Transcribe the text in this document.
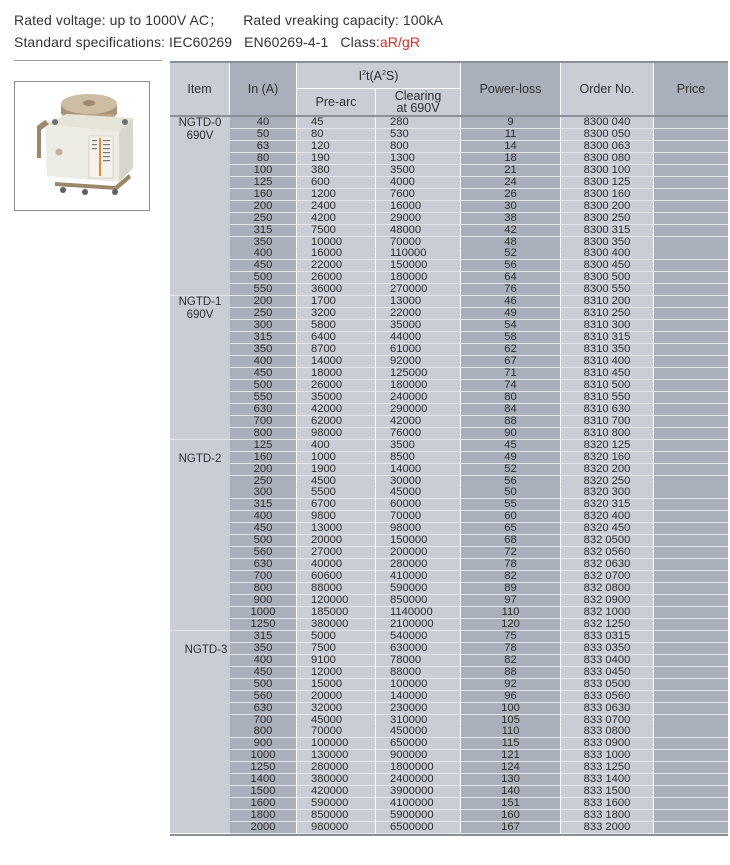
Rated voltage: up to 1000V AC； Rated vreaking capacity: 100kA
Standard specifications: IEC60269   EN60269-4-1   Class:aR/gR
Item	In (A)
$I^2$ $t(A^2$ S)
Pre-arc	Clearing
at 690V
Power-loss	Order No.	Price
NGTD-0
690V
40	45	280	9	8300 040
50	80	530	11	8300 050
63	120	800	14	8300 063
80	190	1300	18	8300 080
100	380	3500	21	8300 100
125	600	4000	24	8300 125
160	1200	7600	26	8300 160
200	2400	16000	30	8300 200
250	4200	29000	38	8300 250
315	7500	48000	42	8300 315
350	10000	70000	48	8300 350
400	16000	110000	52	8300 400
450	22000	150000	56	8300 450
500	26000	180000	64	8300 500
550	36000	270000	76	8300 550
NGTD-1
690V
200	1700	13000	46	8310 200
250	3200	22000	49	8310 250
300	5800	35000	54	8310 300
315	6400	44000	58	8310 315
350	8700	61000	62	8310 350
400	14000	92000	67	8310 400
450	18000	125000	71	8310 450
500	26000	180000	74	8310 500
550	35000	240000	80	8310 550
630	42000	290000	84	8310 630
700	62000	42000	88	8310 700
800	98000	76000	90	8310 800
NGTD-2
125	400	3500	45	8320 125
160	1000	8500	49	8320 160
200	1900	14000	52	8320 200
250	4500	30000	56	8320 250
300	5500	45000	50	8320 300
315	6700	60000	55	8320 315
400	9800	70000	60	8320 400
450	13000	98000	65	8320 450
500	20000	150000	68	832 0500
560	27000	200000	72	832 0560
630	40000	280000	78	832 0630
700	60600	410000	82	832 0700
800	88000	590000	89	832 0800
900	120000	850000	97	832 0900
1000	185000	1140000	110	832 1000
1250	380000	2100000	120	832 1250
NGTD-3
315	5000	540000	75	833 0315
350	7500	630000	78	833 0350
400	9100	78000	82	833 0400
450	12000	88000	88	833 0450
500	15000	100000	92	833 0500
560	20000	140000	96	833 0560
630	32000	230000	100	833 0630
700	45000	310000	105	833 0700
800	70000	450000	110	833 0800
900	100000	650000	115	833 0900
1000	130000	900000	121	833 1000
1250	280000	1800000	124	833 1250
1400	380000	2400000	130	833 1400
1500	420000	3900000	140	833 1500
1600	590000	4100000	151	833 1600
1800	850000	5900000	160	833 1800
2000	980000	6500000	167	833 2000
